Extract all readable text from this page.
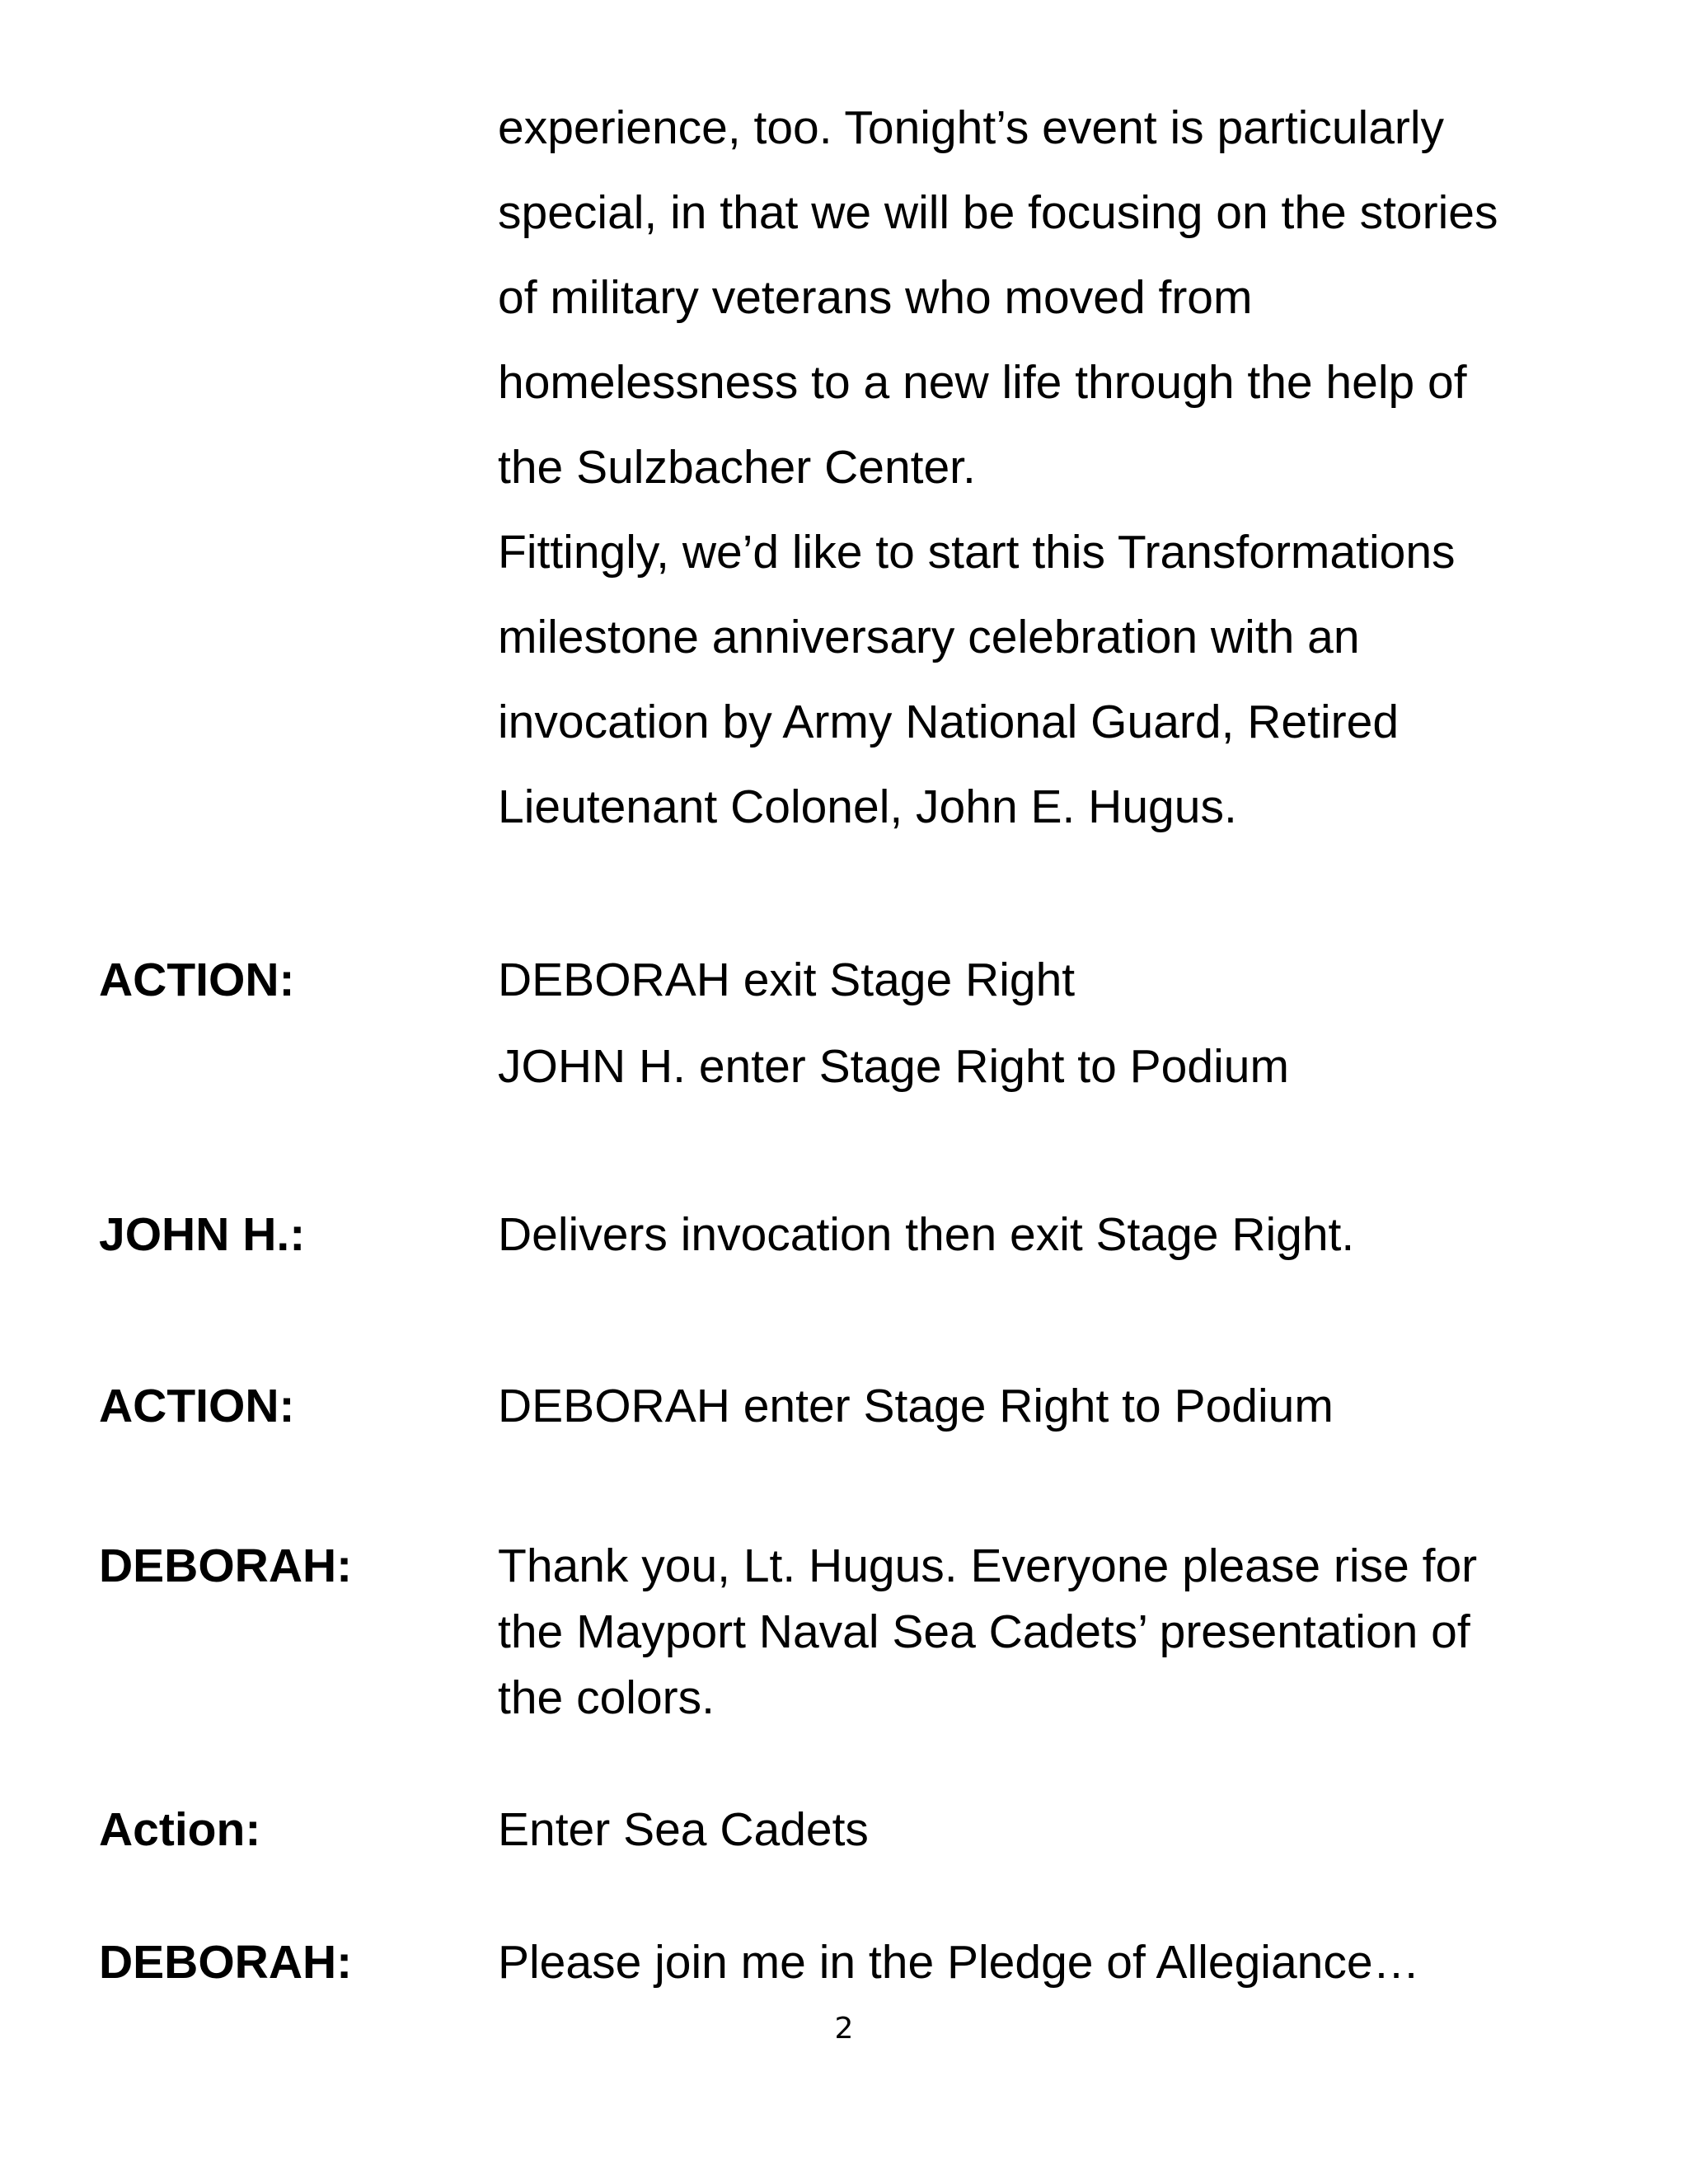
experience, too. Tonight’s event is particularly
special, in that we will be focusing on the stories
of military veterans who moved from
homelessness to a new life through the help of
the Sulzbacher Center.
Fittingly, we’d like to start this Transformations
milestone anniversary celebration with an
invocation by Army National Guard, Retired
Lieutenant Colonel, John E. Hugus.
ACTION:	DEBORAH exit Stage Right
JOHN H. enter Stage Right to Podium
JOHN H.:	Delivers invocation then exit Stage Right.
ACTION:	DEBORAH enter Stage Right to Podium
DEBORAH:	Thank you, Lt. Hugus. Everyone please rise for
the Mayport Naval Sea Cadets’ presentation of
the colors.
Action:	Enter Sea Cadets
DEBORAH:	Please join me in the Pledge of Allegiance…
2
